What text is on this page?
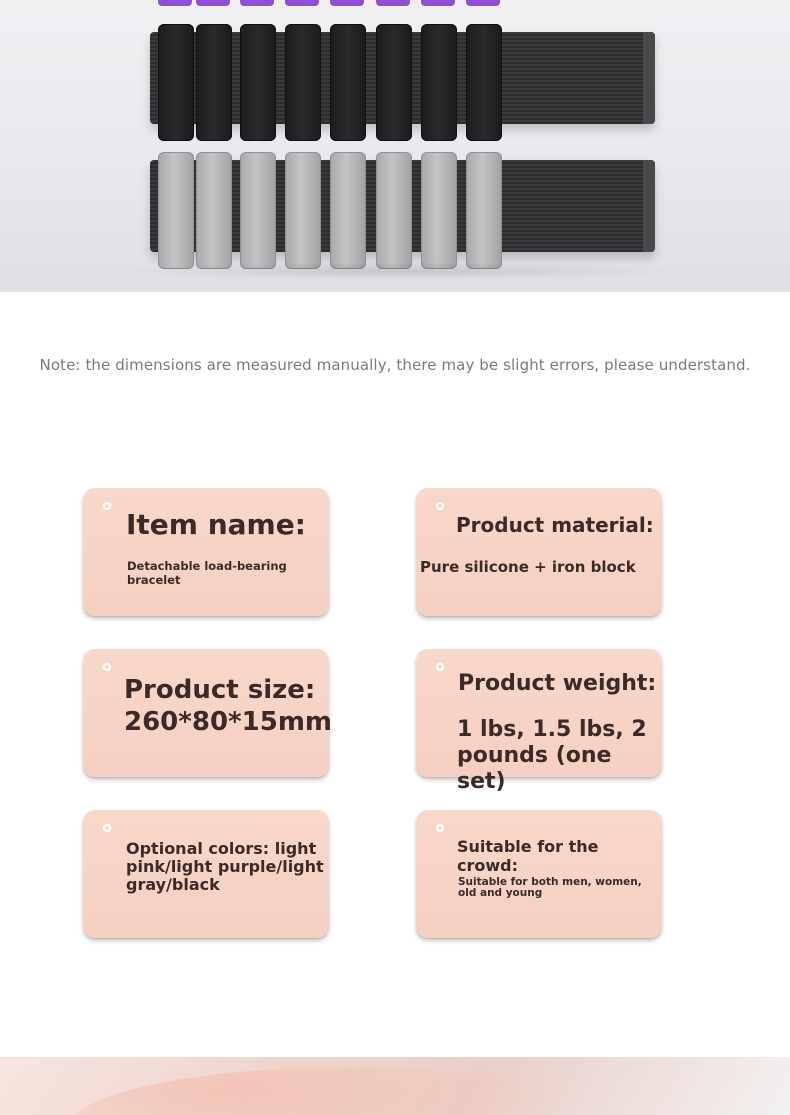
Note: the dimensions are measured manually, there may be slight errors, please understand.
Item name:
Detachable load-bearing bracelet
Product material:
Pure silicone + iron block
Product size: 260*80*15mm
Product weight:
1 lbs, 1.5 lbs, 2 pounds (one set)
Optional colors: light pink/light purple/light gray/black
Suitable for the crowd:
Suitable for both men, women, old and young
